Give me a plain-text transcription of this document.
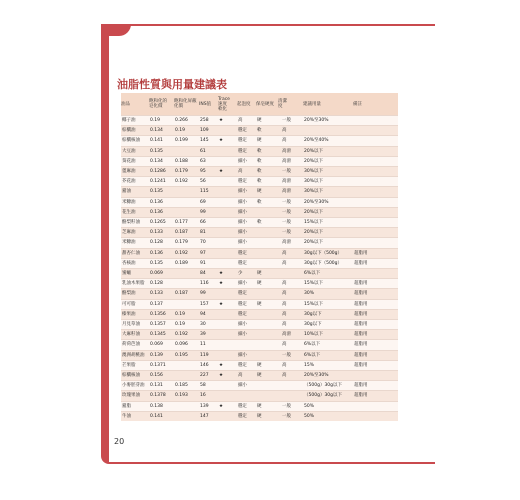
油脂性質與用量建議表
油品	飽和化的
皂化價	飽和化屏蔽
化價	INS值	Trace
速度
軟化	起泡度	保皂硬度	清潔
度		建議用量	備註
椰子油	0.19	0.266	258	★	高	硬		一般	20%至30%	
棕櫚油	0.134	0.19	109		穩定	軟		高		
棕櫚核油	0.141	0.199	145	★	穩定	硬		高	20%至40%	
大豆油	0.135		61		穩定	軟		高滑	20%以下	
葵花油	0.134	0.188	63		細小	軟		高滑	20%以下	
蓖麻油	0.1286	0.179	95	★	高	軟		一般	30%以下	
芥花油	0.1241	0.192	56		穩定	軟		高滑	30%以下	
豬油	0.135		115		細小	硬		高滑	30%以下	
米糠油	0.136		69		細小	軟		一般	20%至30%	
花生油	0.136		99		細小			一般	20%以下	
酪梨籽油	0.1265	0.177	66		細小	軟		一般	15%以下	
芝麻油	0.133	0.187	81		細小			一般	20%以下	
米糠油	0.128	0.179	70		細小			高滑	20%以下	
甜杏仁油	0.136	0.192	97		穩定			高	30g以下（500g）	超脂用
杏核油	0.135	0.189	91		穩定			高	30g以下（500g）	超脂用
蜜蠟	0.069		84	★	少	硬			6%以下	
乳油木果脂	0.128		116	★	細小	硬		高	15%以下	超脂用
酪梨油	0.133	0.187	99		穩定			高	30%	超脂用
可可脂	0.137		157	★	穩定	硬		高	15%以下	超脂用
榛果油	0.1356	0.19	94		穩定			高	30g以下	超脂用
月見草油	0.1357	0.19	30		細小			高	30g以下	超脂用
大麻籽油	0.1345	0.192	39		細小			高滑	10%以下	超脂用
荷荷芭油	0.069	0.096	11					高	6%以下	超脂用
澳洲胡桃油	0.139	0.195	119		細小			一般	6%以下	超脂用
芒果脂	0.1371		146	★	穩定	硬		高	15%	超脂用
棕櫚核油	0.156		227	★	高	硬		高	20%至30%	
小麥胚芽油	0.131	0.185	58		細小				（500g）30g以下	超脂用
玫瑰果油	0.1378	0.193	16						（500g）30g以下	超脂用
豬脂	0.138		139	★	穩定	硬		一般	50%	
牛油	0.141		147		穩定	硬		一般	50%	
20
